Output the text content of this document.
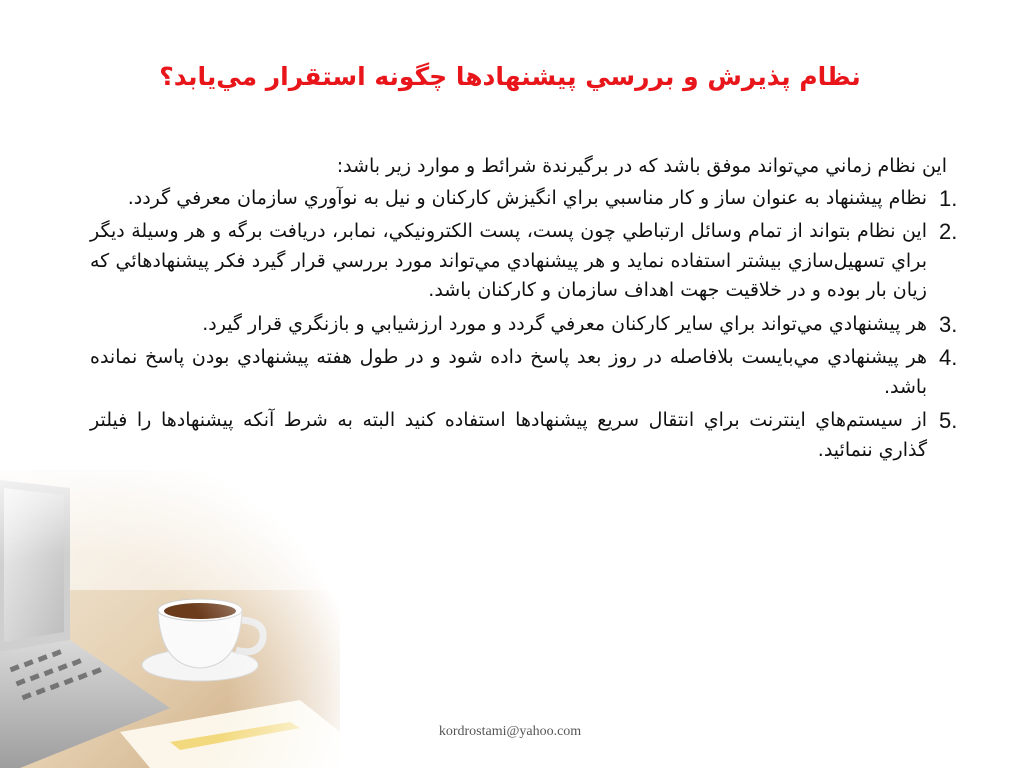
نظام پذيرش و بررسي پيشنهادها چگونه استقرار مي‌يابد؟

اين نظام زماني مي‌تواند موفق باشد که در برگيرندة شرائط و موارد زير باشد:

1.
نظام پيشنهاد به عنوان ساز و کار مناسبي براي انگيزش کارکنان و نيل به نوآوري سازمان معرفي گردد.
2.
اين نظام بتواند از تمام وسائل ارتباطي چون پست، پست الکترونيکي، نمابر، دريافت برگه و هر وسيلة ديگر براي تسهيل‌سازي بيشتر استفاده نمايد و هر پيشنهادي مي‌تواند مورد بررسي قرار گيرد فکر پيشنهادهائي که زيان بار بوده و در خلاقيت جهت اهداف سازمان و کارکنان باشد.
3.
هر پيشنهادي مي‌تواند براي ساير کارکنان معرفي گردد و مورد ارزشيابي و بازنگري قرار گيرد.
4.
هر پيشنهادي مي‌بايست بلافاصله در روز بعد پاسخ داده شود و در طول هفته پيشنهادي بودن پاسخ نمانده باشد.
5.
از سيستم‌هاي اينترنت براي انتقال سريع پيشنهادها استفاده کنيد البته به شرط آنکه پيشنهادها را فيلتر گذاري ننمائيد.
kordrostami@yahoo.com
